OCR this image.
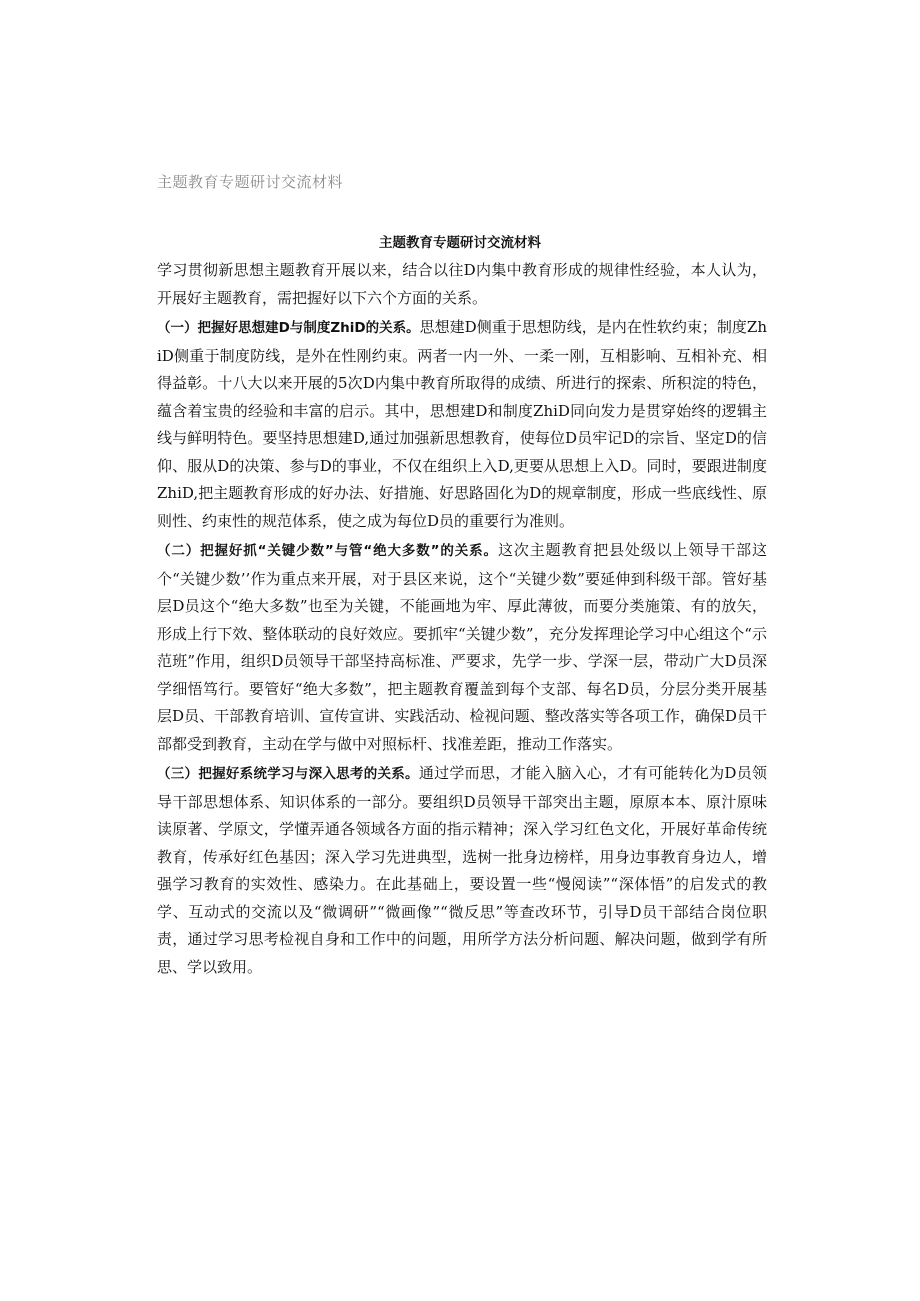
主题教育专题研讨交流材料
主题教育专题研讨交流材料

学习贯彻新思想主题教育开展以来，结合以往D内集中教育形成的规律性经验，本人认为，开展好主题教育，需把握好以下六个方面的关系。

（一）把握好思想建D与制度ZhiD的关系。思想建D侧重于思想防线，是内在性软约束；制度ZhiD侧重于制度防线，是外在性刚约束。两者一内一外、一柔一刚，互相影响、互相补充、相得益彰。十八大以来开展的5次D内集中教育所取得的成绩、所进行的探索、所积淀的特色，蕴含着宝贵的经验和丰富的启示。其中，思想建D和制度ZhiD同向发力是贯穿始终的逻辑主线与鲜明特色。要坚持思想建D,通过加强新思想教育，使每位D员牢记D的宗旨、坚定D的信仰、服从D的决策、参与D的事业，不仅在组织上入D,更要从思想上入D。同时，要跟进制度ZhiD,把主题教育形成的好办法、好措施、好思路固化为D的规章制度，形成一些底线性、原则性、约束性的规范体系，使之成为每位D员的重要行为准则。

（二）把握好抓“关键少数”与管“绝大多数”的关系。这次主题教育把县处级以上领导干部这个“关键少数’’作为重点来开展，对于县区来说，这个“关键少数”要延伸到科级干部。管好基层D员这个“绝大多数”也至为关键，不能画地为牢、厚此薄彼，而要分类施策、有的放矢，形成上行下效、整体联动的良好效应。要抓牢“关键少数”，充分发挥理论学习中心组这个“示范班”作用，组织D员领导干部坚持高标准、严要求，先学一步、学深一层，带动广大D员深学细悟笃行。要管好“绝大多数”，把主题教育覆盖到每个支部、每名D员，分层分类开展基层D员、干部教育培训、宣传宣讲、实践活动、检视问题、整改落实等各项工作，确保D员干部都受到教育，主动在学与做中对照标杆、找准差距，推动工作落实。

（三）把握好系统学习与深入思考的关系。通过学而思，才能入脑入心，才有可能转化为D员领导干部思想体系、知识体系的一部分。要组织D员领导干部突出主题，原原本本、原汁原味读原著、学原文，学懂弄通各领域各方面的指示精神；深入学习红色文化，开展好革命传统教育，传承好红色基因；深入学习先进典型，选树一批身边榜样，用身边事教育身边人，增强学习教育的实效性、感染力。在此基础上，要设置一些“慢阅读”“深体悟”的启发式的教学、互动式的交流以及“微调研”“微画像”“微反思”等查改环节，引导D员干部结合岗位职责，通过学习思考检视自身和工作中的问题，用所学方法分析问题、解决问题，做到学有所思、学以致用。
